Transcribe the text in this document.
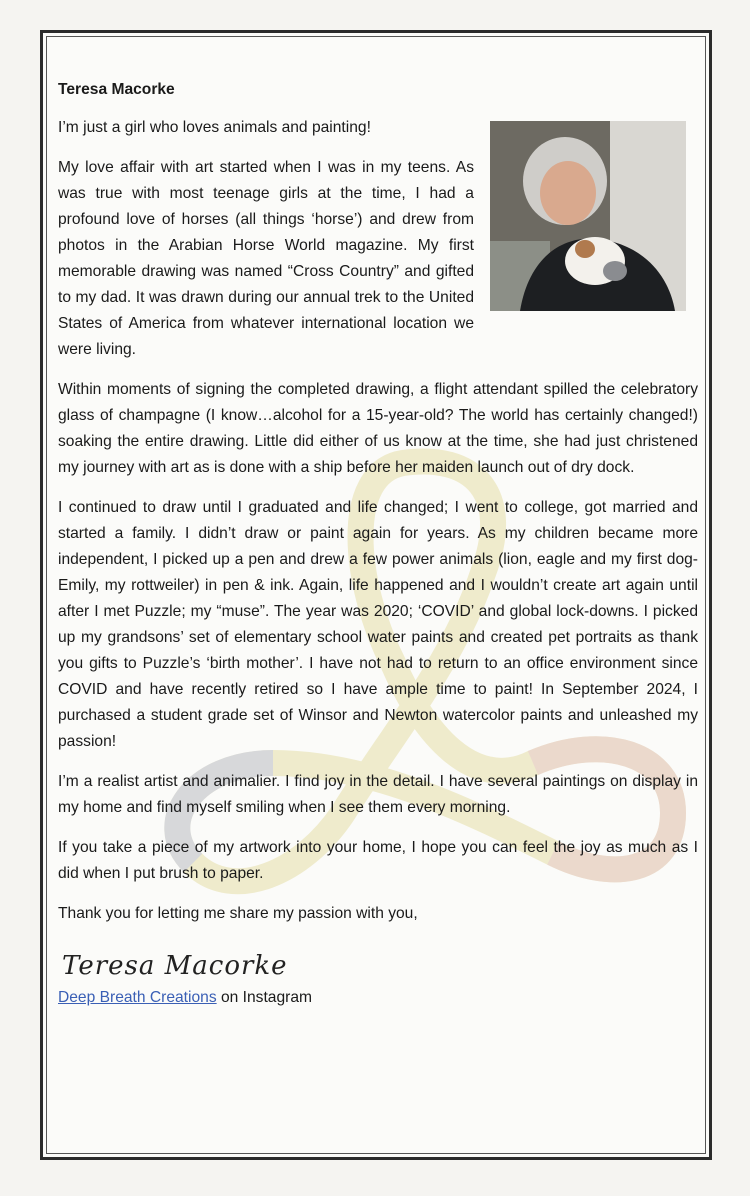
Teresa Macorke

I’m just a girl who loves animals and painting!

My love affair with art started when I was in my teens. As was true with most teenage girls at the time, I had a profound love of horses (all things ‘horse’) and drew from photos in the Arabian Horse World magazine. My first memorable drawing was named “Cross Country” and gifted to my dad. It was drawn during our annual trek to the United States of America from whatever international location we were living.

Within moments of signing the completed drawing, a flight attendant spilled the celebratory glass of champagne (I know…alcohol for a 15-year-old? The world has certainly changed!) soaking the entire drawing. Little did either of us know at the time, she had just christened my journey with art as is done with a ship before her maiden launch out of dry dock.

I continued to draw until I graduated and life changed; I went to college, got married and started a family. I didn’t draw or paint again for years. As my children became more independent, I picked up a pen and drew a few power animals (lion, eagle and my first dog-Emily, my rottweiler) in pen & ink. Again, life happened and I wouldn’t create art again until after I met Puzzle; my “muse”. The year was 2020; ‘COVID’ and global lock-downs. I picked up my grandsons’ set of elementary school water paints and created pet portraits as thank you gifts to Puzzle’s ‘birth mother’. I have not had to return to an office environment since COVID and have recently retired so I have ample time to paint! In September 2024, I purchased a student grade set of Winsor and Newton watercolor paints and unleashed my passion!

I’m a realist artist and animalier. I find joy in the detail. I have several paintings on display in my home and find myself smiling when I see them every morning.

If you take a piece of my artwork into your home, I hope you can feel the joy as much as I did when I put brush to paper.

Thank you for letting me share my passion with you,

Teresa Macorke
Deep Breath Creations on Instagram
